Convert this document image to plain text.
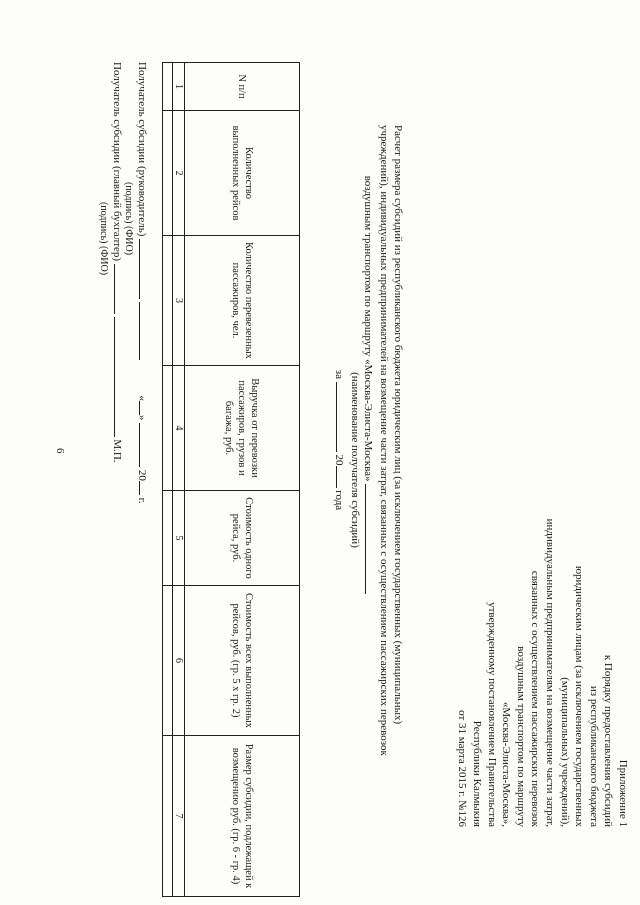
Приложение 1
к Порядку предоставления субсидий
из республиканского бюджета
юридическим лицам (за исключением государственных
(муниципальных) учреждений),
индивидуальным предпринимателям на возмещение части затрат,
связанных с осуществлением пассажирских перевозок
воздушным транспортом по маршруту
«Москва-Элиста-Москва»,
утвержденному постановлением Правительства
Республики Калмыкия
от 31 марта 2015 г. №126
Расчет размера субсидий из республиканского бюджета юридическим лиц (за исключением государственных (муниципальных)
учреждений), индивидуальных предпринимателей на возмещение части затрат, связанных с осуществлением пассажирских перевозок
воздушным транспортом по маршруту «Москва-Элиста-Москва»
(наименование получателя субсидий)
за  20 года
N п/п	Количество выполненных рейсов	Количество перевезенных пассажиров, чел.	Выручка от перевозки пассажиров, грузов и багажа, руб.	Стоимость одного рейса, руб.	Стоимость всех выполненных рейсов, руб. (гр. 5 х гр. 2)	Размер субсидии, подлежащей к возмещению руб. (гр. 6 - гр. 4)
1	2	3	4	5	6	7

Получатель субсидии (руководитель)    «»  20 г.
(подпись) (ФИО)
Получатель субсидии (главный бухгалтер)   М.П.
(подпись) (ФИО)
6
